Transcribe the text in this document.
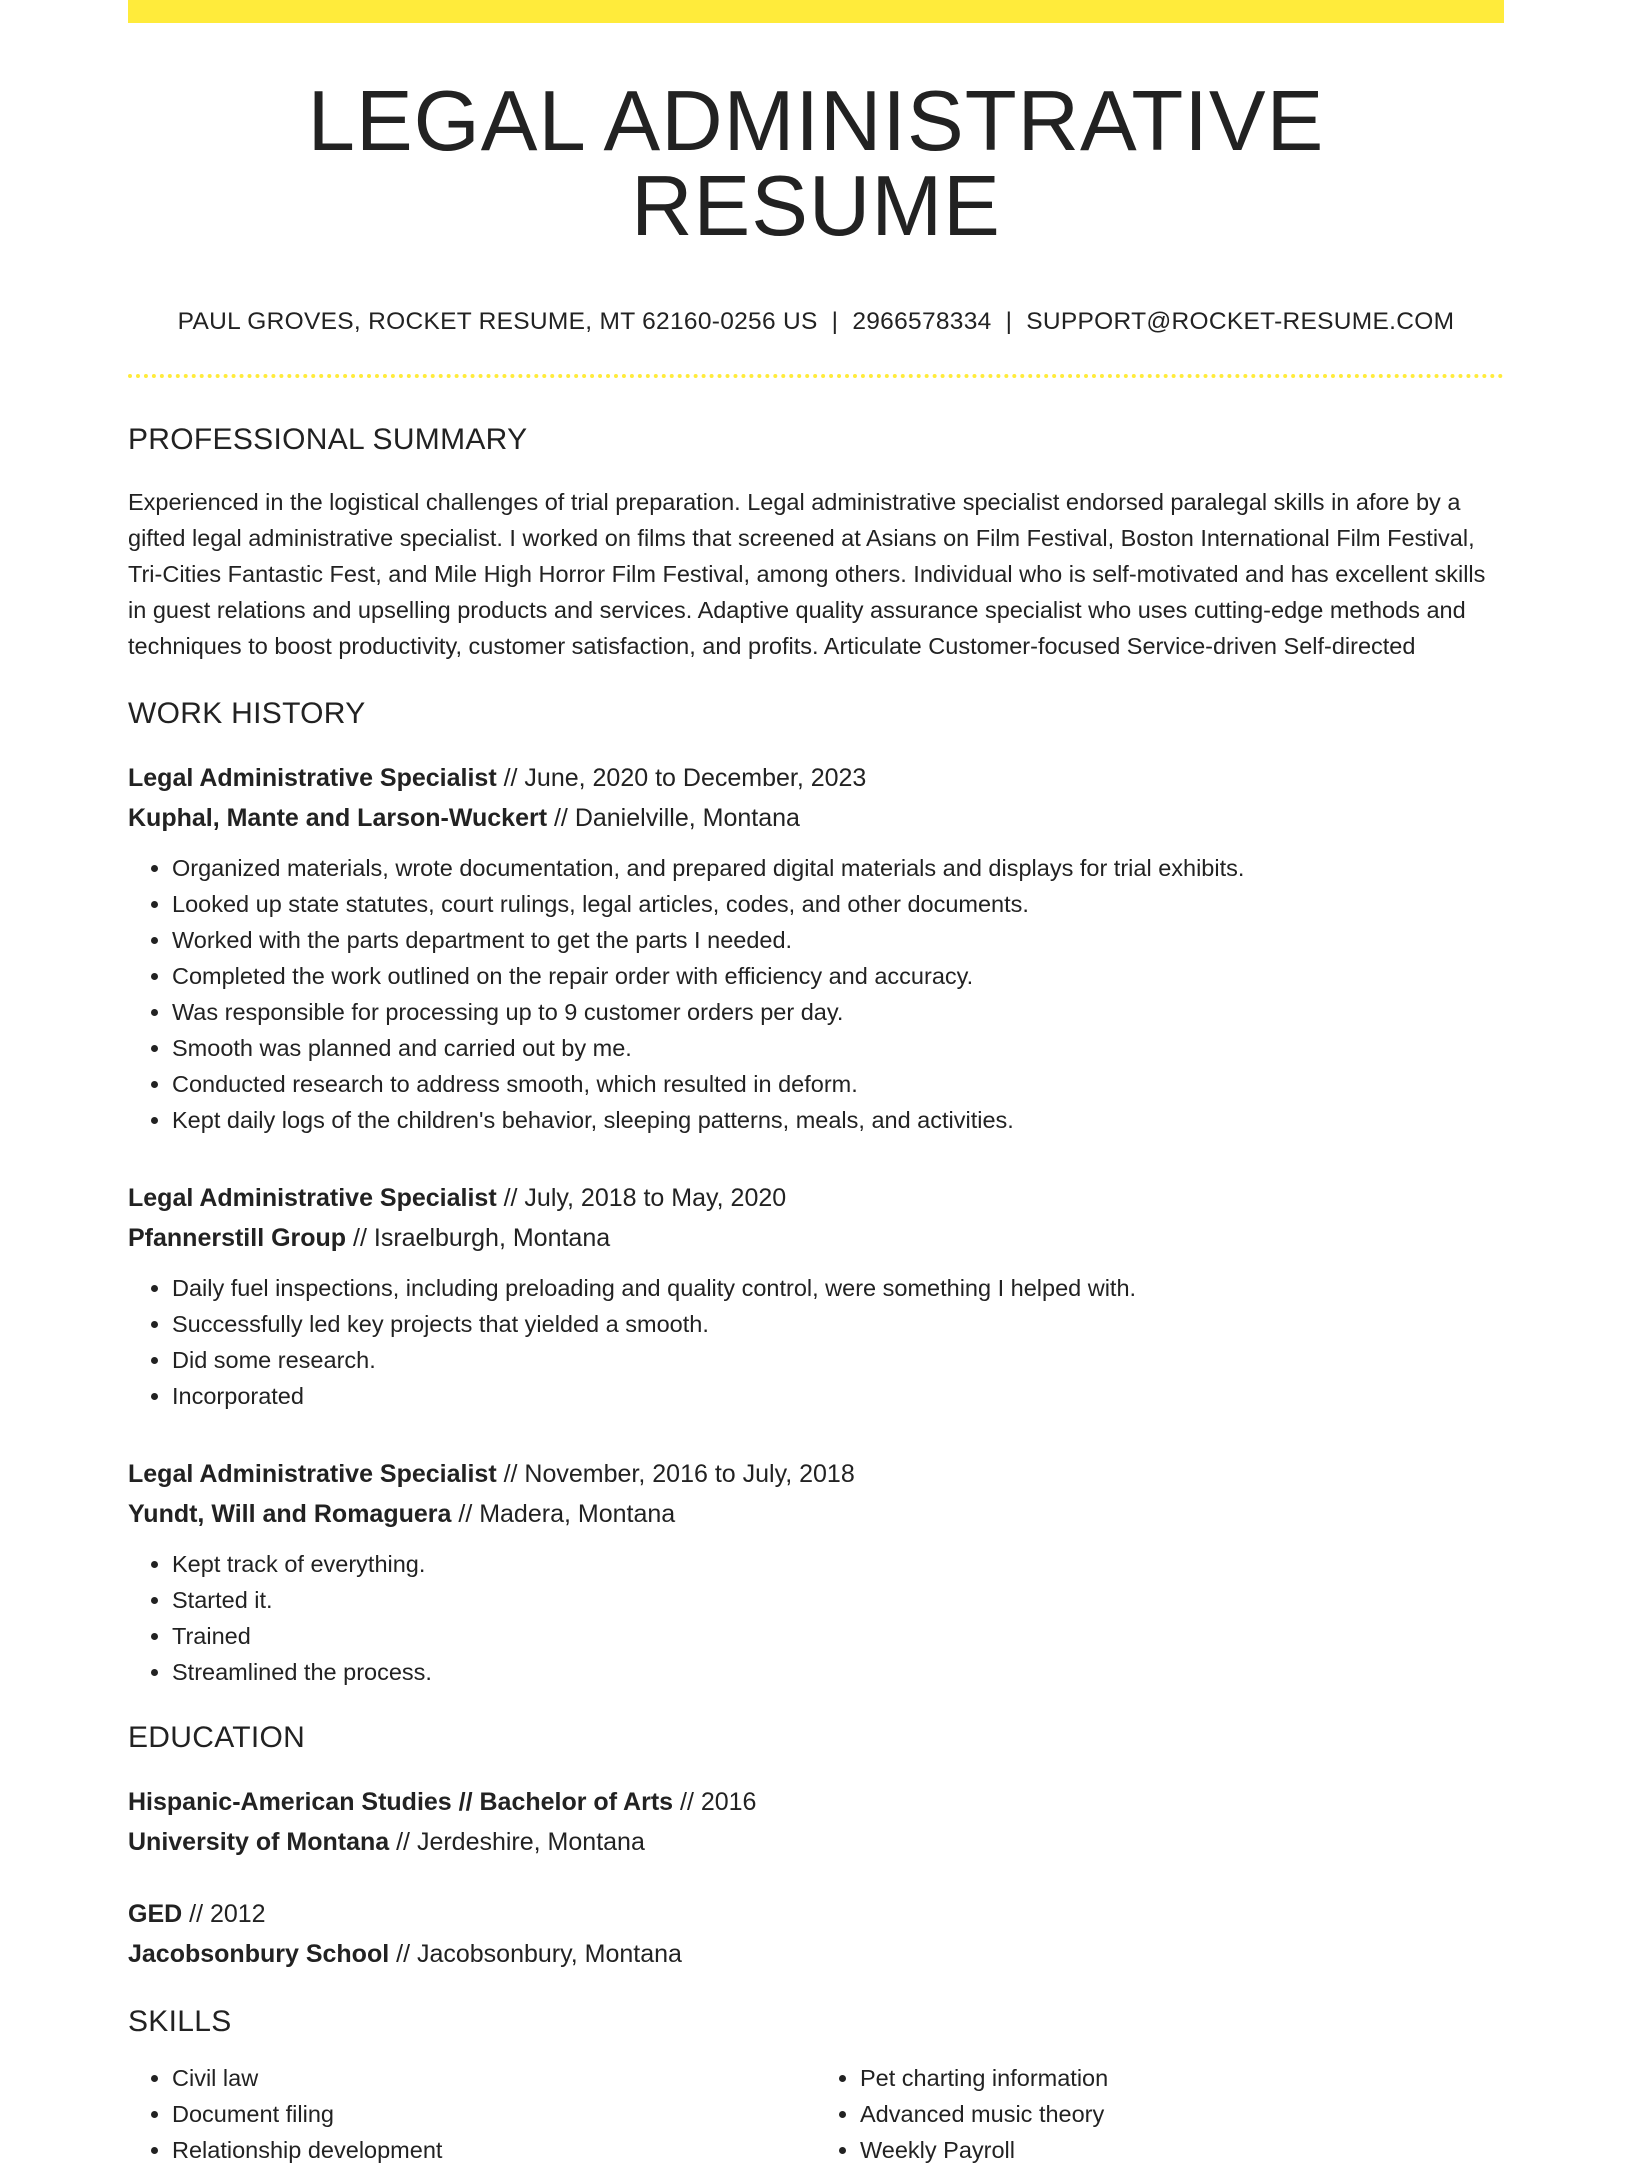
LEGAL ADMINISTRATIVE RESUME
PAUL GROVES, ROCKET RESUME, MT 62160-0256 US | 2966578334 | SUPPORT@ROCKET-RESUME.COM
PROFESSIONAL SUMMARY

Experienced in the logistical challenges of trial preparation. Legal administrative specialist endorsed paralegal skills in afore by a gifted legal administrative specialist. I worked on films that screened at Asians on Film Festival, Boston International Film Festival, Tri-Cities Fantastic Fest, and Mile High Horror Film Festival, among others. Individual who is self-motivated and has excellent skills in guest relations and upselling products and services. Adaptive quality assurance specialist who uses cutting-edge methods and techniques to boost productivity, customer satisfaction, and profits. Articulate Customer-focused Service-driven Self-directed

WORK HISTORY
Legal Administrative Specialist // June, 2020 to December, 2023
Kuphal, Mante and Larson-Wuckert // Danielville, Montana
• Organized materials, wrote documentation, and prepared digital materials and displays for trial exhibits.
• Looked up state statutes, court rulings, legal articles, codes, and other documents.
• Worked with the parts department to get the parts I needed.
• Completed the work outlined on the repair order with efficiency and accuracy.
• Was responsible for processing up to 9 customer orders per day.
• Smooth was planned and carried out by me.
• Conducted research to address smooth, which resulted in deform.
• Kept daily logs of the children's behavior, sleeping patterns, meals, and activities.
Legal Administrative Specialist // July, 2018 to May, 2020
Pfannerstill Group // Israelburgh, Montana
• Daily fuel inspections, including preloading and quality control, were something I helped with.
• Successfully led key projects that yielded a smooth.
• Did some research.
• Incorporated
Legal Administrative Specialist // November, 2016 to July, 2018
Yundt, Will and Romaguera // Madera, Montana
• Kept track of everything.
• Started it.
• Trained
• Streamlined the process.
EDUCATION
Hispanic-American Studies // Bachelor of Arts // 2016
University of Montana // Jerdeshire, Montana
GED // 2012
Jacobsonbury School // Jacobsonbury, Montana
SKILLS
• Civil law
• Document filing
• Relationship development
• Pet charting information
• Advanced music theory
• Weekly Payroll
